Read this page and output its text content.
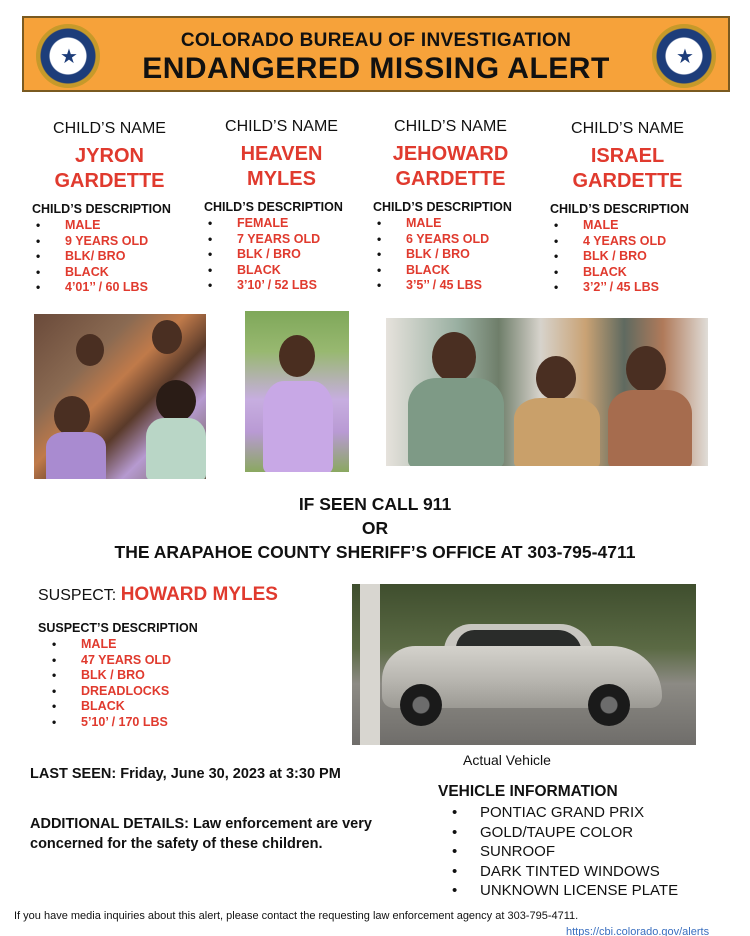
★
COLORADO BUREAU OF INVESTIGATION
ENDANGERED MISSING ALERT	★
CHILD’S NAME
JYRON
GARDETTE
CHILD’S DESCRIPTION
• MALE
• 9 YEARS OLD
• BLK/ BRO
• BLACK
• 4’01’’ / 60 LBS
CHILD’S NAME
HEAVEN
MYLES
CHILD’S DESCRIPTION
• FEMALE
• 7 YEARS OLD
• BLK / BRO
• BLACK
• 3’10’ / 52 LBS
CHILD’S NAME
JEHOWARD
GARDETTE
CHILD’S DESCRIPTION
• MALE
• 6 YEARS OLD
• BLK / BRO
• BLACK
• 3’5’’ / 45 LBS
CHILD’S NAME
ISRAEL
GARDETTE
CHILD’S DESCRIPTION
• MALE
• 4 YEARS OLD
• BLK / BRO
• BLACK
• 3’2’’ / 45 LBS
IF SEEN CALL 911
OR
THE ARAPAHOE COUNTY SHERIFF’S OFFICE AT 303-795-4711
SUSPECT: HOWARD MYLES
SUSPECT’S DESCRIPTION
• MALE
• 47 YEARS OLD
• BLK / BRO
• DREADLOCKS
• BLACK
• 5’10’ / 170 LBS
Actual Vehicle
LAST SEEN: Friday, June 30, 2023 at 3:30 PM
ADDITIONAL DETAILS: Law enforcement are very concerned for the safety of these children.
VEHICLE INFORMATION
• PONTIAC GRAND PRIX
• GOLD/TAUPE COLOR
• SUNROOF
• DARK TINTED WINDOWS
• UNKNOWN LICENSE PLATE
If you have media inquiries about this alert, please contact the requesting law enforcement agency at 303-795-4711.
https://cbi.colorado.gov/alerts
